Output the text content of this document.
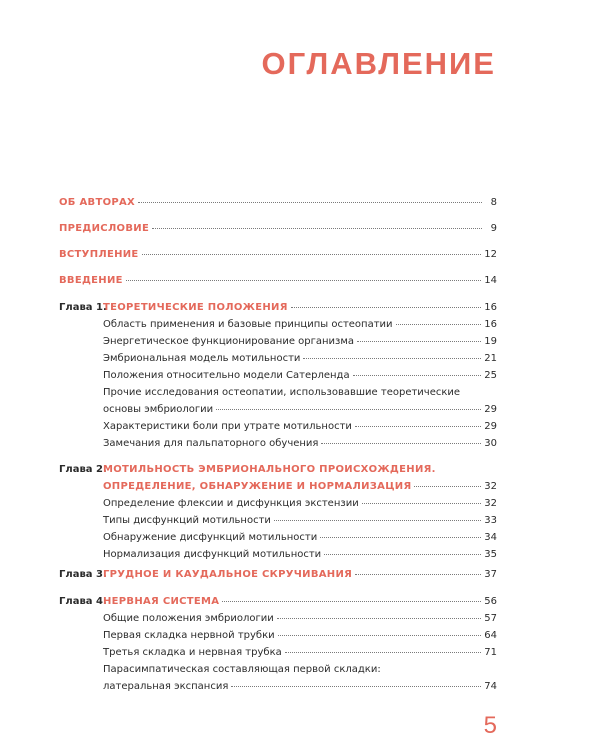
ОГЛАВЛЕНИЕ
ОБ АВТОРАХ	8
ПРЕДИСЛОВИЕ	9
ВСТУПЛЕНИЕ	12
ВВЕДЕНИЕ	14
Глава 1.
ТЕОРЕТИЧЕСКИЕ ПОЛОЖЕНИЯ	16
Область применения и базовые принципы остеопатии	16
Энергетическое функционирование организма	19
Эмбриональная модель мотильности	21
Положения относительно модели Сатерленда	25
Прочие исследования остеопатии, использовавшие теоретические
основы эмбриологии	29
Характеристики боли при утрате мотильности	29
Замечания для пальпаторного обучения	30
Глава 2.
МОТИЛЬНОСТЬ ЭМБРИОНАЛЬНОГО ПРОИСХОЖДЕНИЯ.
ОПРЕДЕЛЕНИЕ, ОБНАРУЖЕНИЕ И НОРМАЛИЗАЦИЯ	32
Определение флексии и дисфункция экстензии	32
Типы дисфункций мотильности	33
Обнаружение дисфункций мотильности	34
Нормализация дисфункций мотильности	35
Глава 3.
ГРУДНОЕ И КАУДАЛЬНОЕ СКРУЧИВАНИЯ	37
Глава 4.
НЕРВНАЯ СИСТЕМА	56
Общие положения эмбриологии	57
Первая складка нервной трубки	64
Третья складка и нервная трубка	71
Парасимпатическая составляющая первой складки:
латеральная экспансия	74
5
